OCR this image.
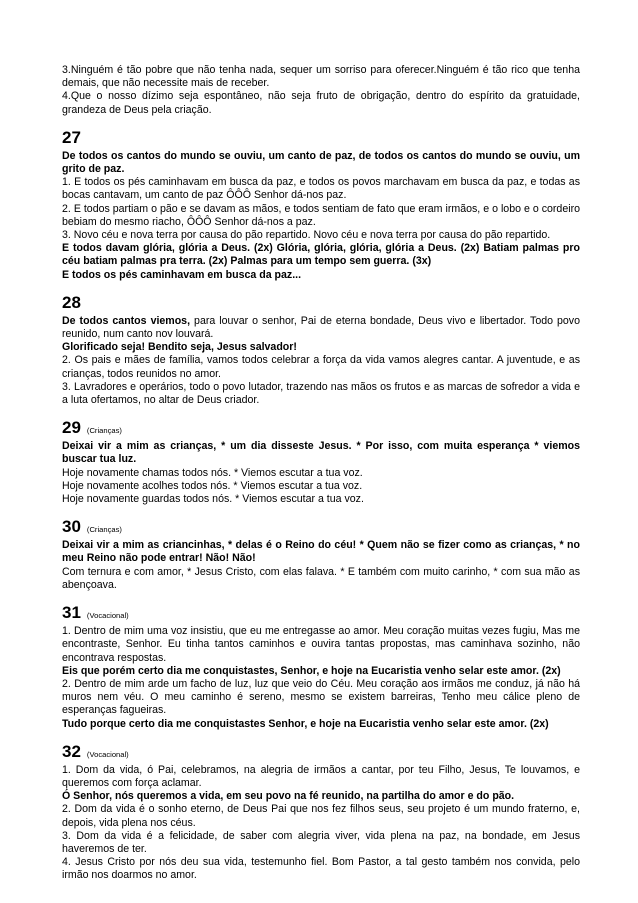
3.Ninguém é tão pobre que não tenha nada, sequer um sorriso para oferecer.Ninguém é tão rico que tenha demais, que não necessite mais de receber.

4.Que o nosso dízimo seja espontâneo, não seja fruto de obrigação, dentro do espírito da gratuidade, grandeza de Deus pela criação.

27

De todos os cantos do mundo se ouviu, um canto de paz, de todos os cantos do mundo se ouviu, um grito de paz.

1. E todos os pés caminhavam em busca da paz, e todos os povos marchavam em busca da paz, e todas as bocas cantavam, um canto de paz ÔÔÔ Senhor dá-nos paz.

2. E todos partiam o pão e se davam as mãos, e todos sentiam de fato que eram irmãos, e o lobo e o cordeiro bebiam do mesmo riacho, ÔÔÔ Senhor dá-nos a paz.

3. Novo céu e nova terra por causa do pão repartido. Novo céu e nova terra por causa do pão repartido.

E todos davam glória, glória a Deus. (2x) Glória, glória, glória, glória a Deus. (2x) Batiam palmas pro céu batiam palmas pra terra. (2x) Palmas para um tempo sem guerra. (3x)

E todos os pés caminhavam em busca da paz...

28

De todos cantos viemos, para louvar o senhor, Pai de eterna bondade, Deus vivo e libertador. Todo povo reunido, num canto nov louvará.

Glorificado seja! Bendito seja, Jesus salvador!

2. Os pais e mães de família, vamos todos celebrar a força da vida vamos alegres cantar. A juventude, e as crianças, todos reunidos no amor.

3. Lavradores e operários, todo o povo lutador, trazendo nas mãos os frutos e as marcas de sofredor a vida e a luta ofertamos, no altar de Deus criador.

29 (Crianças)

Deixai vir a mim as crianças, * um dia disseste Jesus. * Por isso, com muita esperança * viemos buscar tua luz.

Hoje novamente chamas todos nós. * Viemos escutar a tua voz.

Hoje novamente acolhes todos nós. * Viemos escutar a tua voz.

Hoje novamente guardas todos nós. * Viemos escutar a tua voz.

30 (Crianças)

Deixai vir a mim as criancinhas, * delas é o Reino do céu! * Quem não se fizer como as crianças, * no meu Reino não pode entrar! Não! Não!

Com ternura e com amor, * Jesus Cristo, com elas falava. * E também com muito carinho, * com sua mão as abençoava.

31 (Vocacional)

1. Dentro de mim uma voz insistiu, que eu me entregasse ao amor. Meu coração muitas vezes fugiu, Mas me encontraste, Senhor. Eu tinha tantos caminhos e ouvira tantas propostas, mas caminhava sozinho, não encontrava respostas.

Eis que porém certo dia me conquistastes, Senhor, e hoje na Eucaristia venho selar este amor. (2x)

2. Dentro de mim arde um facho de luz, luz que veio do Céu. Meu coração aos irmãos me conduz, já não há muros nem véu. O meu caminho é sereno, mesmo se existem barreiras, Tenho meu cálice pleno de esperanças fagueiras.

Tudo porque certo dia me conquistastes Senhor, e hoje na Eucaristia venho selar este amor. (2x)

32 (Vocacional)

1. Dom da vida, ó Pai, celebramos, na alegria de irmãos a cantar, por teu Filho, Jesus, Te louvamos, e queremos com força aclamar.

Ó Senhor, nós queremos a vida, em seu povo na fé reunido, na partilha do amor e do pão.

2. Dom da vida é o sonho eterno, de Deus Pai que nos fez filhos seus, seu projeto é um mundo fraterno, e, depois, vida plena nos céus.

3. Dom da vida é a felicidade, de saber com alegria viver, vida plena na paz, na bondade, em Jesus haveremos de ter.

4. Jesus Cristo por nós deu sua vida, testemunho fiel. Bom Pastor, a tal gesto também nos convida, pelo irmão nos doarmos no amor.
